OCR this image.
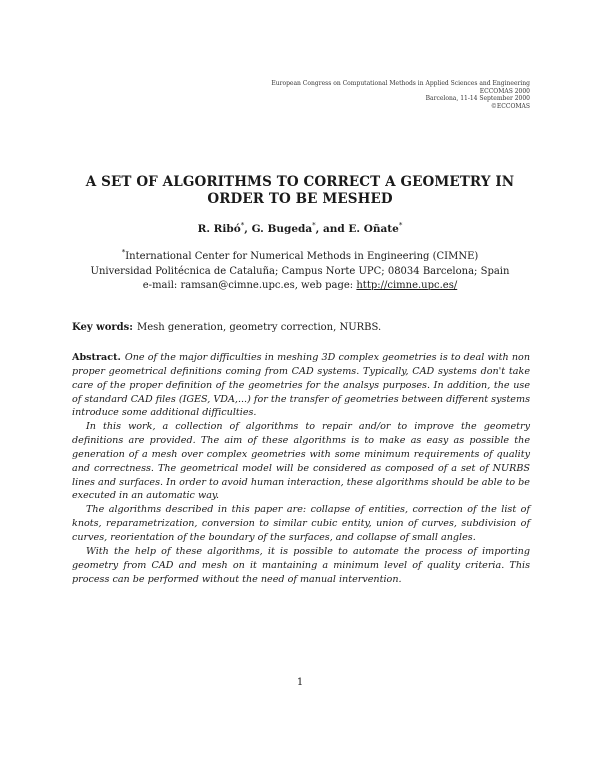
European Congress on Computational Methods in Applied Sciences and Engineering
ECCOMAS 2000
Barcelona, 11-14 September 2000
©ECCOMAS
A SET OF ALGORITHMS TO CORRECT A GEOMETRY IN
ORDER TO BE MESHED
R. Ribó*, G. Bugeda*, and E. Oñate*
*International Center for Numerical Methods in Engineering (CIMNE)
Universidad Politécnica de Cataluña; Campus Norte UPC; 08034 Barcelona; Spain
e-mail: ramsan@cimne.upc.es, web page: http://cimne.upc.es/
Key words: Mesh generation, geometry correction, NURBS.

Abstract. One of the major difficulties in meshing 3D complex geometries is to deal with non proper geometrical definitions coming from CAD systems. Typically, CAD systems don't take care of the proper definition of the geometries for the analsys purposes. In addition, the use of standard CAD files (IGES, VDA,...) for the transfer of geometries between different systems introduce some additional difficulties.

In this work, a collection of algorithms to repair and/or to improve the geometry definitions are provided. The aim of these algorithms is to make as easy as possible the generation of a mesh over complex geometries with some minimum requirements of quality and correctness. The geometrical model will be considered as composed of a set of NURBS lines and surfaces. In order to avoid human interaction, these algorithms should be able to be executed in an automatic way.

The algorithms described in this paper are: collapse of entities, correction of the list of knots, reparametrization, conversion to similar cubic entity, union of curves, subdivision of curves, reorientation of the boundary of the surfaces, and collapse of small angles.

With the help of these algorithms, it is possible to automate the process of importing geometry from CAD and mesh on it mantaining a minimum level of quality criteria. This process can be performed without the need of manual intervention.

1
